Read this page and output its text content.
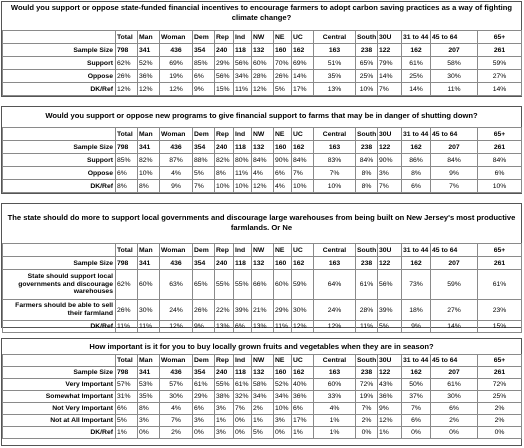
Would you support or oppose state-funded financial incentives to encourage farmers to adopt carbon saving practices as a way of fighting climate change?
	Total	Man	Woman	Dem	Rep	Ind	NW	NE	UC	Central	South	30U	31 to 44	45 to 64	65+	
Sample Size	798	341	436	354	240	118	132	160	162	163	238	122	162	207	261	
Support	62%	52%	69%	85%	29%	56%	60%	70%	69%	51%	65%	79%	61%	58%	59%	
Oppose	26%	36%	19%	6%	56%	34%	28%	26%	14%	35%	25%	14%	25%	30%	27%	
DK/Ref	12%	12%	12%	9%	15%	11%	12%	5%	17%	13%	10%	7%	14%	11%	14%	
Would you support or oppose new programs to give financial support to farms that may be in danger of shutting down?
	Total	Man	Woman	Dem	Rep	Ind	NW	NE	UC	Central	South	30U	31 to 44	45 to 64	65+	
Sample Size	798	341	436	354	240	118	132	160	162	163	238	122	162	207	261	
Support	85%	82%	87%	88%	82%	80%	84%	90%	84%	83%	84%	90%	86%	84%	84%	
Oppose	6%	10%	4%	5%	8%	11%	4%	6%	7%	7%	8%	3%	8%	9%	6%	
DK/Ref	8%	8%	9%	7%	10%	10%	12%	4%	10%	10%	8%	7%	6%	7%	10%	
The state should do more to support local governments and discourage large warehouses from being built on New Jersey's most productive farmlands. Or Ne
	Total	Man	Woman	Dem	Rep	Ind	NW	NE	UC	Central	South	30U	31 to 44	45 to 64	65+	
Sample Size	798	341	436	354	240	118	132	160	162	163	238	122	162	207	261	
State should support local governments and discourage warehouses	62%	60%	63%	65%	55%	55%	66%	60%	59%	64%	61%	56%	73%	59%	61%	
Farmers should be able to sell their farmland	26%	30%	24%	26%	22%	39%	21%	29%	30%	24%	28%	39%	18%	27%	23%	
DK/Ref	11%	11%	12%	9%	13%	6%	13%	11%	12%	12%	11%	5%	9%	14%	15%	
How important is it for you to buy locally grown fruits and vegetables when they are in season?
	Total	Man	Woman	Dem	Rep	Ind	NW	NE	UC	Central	South	30U	31 to 44	45 to 64	65+	
Sample Size	798	341	436	354	240	118	132	160	162	163	238	122	162	207	261	
Very Important	57%	53%	57%	61%	55%	61%	58%	52%	40%	60%	72%	43%	50%	61%	72%	
Somewhat Important	31%	35%	30%	29%	38%	32%	34%	34%	36%	33%	19%	36%	37%	30%	25%	
Not Very Important	6%	8%	4%	6%	3%	7%	2%	10%	6%	4%	7%	9%	7%	6%	2%	
Not at All Important	5%	3%	7%	3%	1%	0%	1%	3%	17%	1%	2%	12%	6%	2%	2%	
DK/Ref	1%	0%	2%	0%	3%	0%	5%	0%	1%	1%	0%	1%	0%	0%	0%	
